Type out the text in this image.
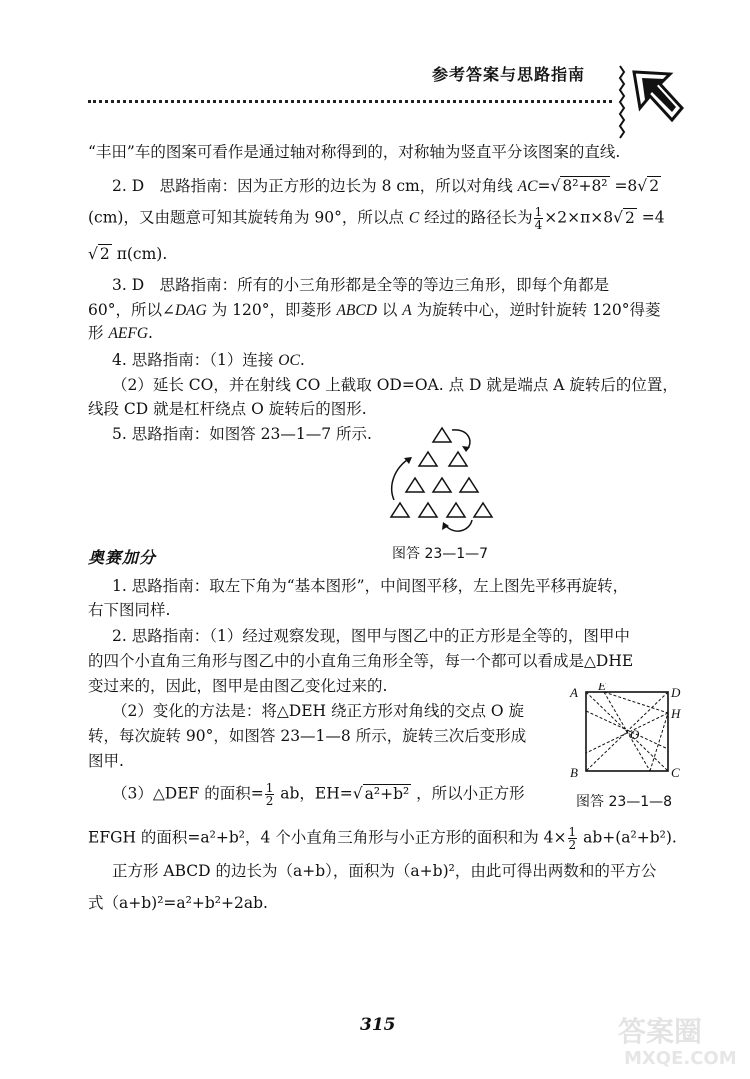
参考答案与思路指南
“丰田”车的图案可看作是通过轴对称得到的，对称轴为竖直平分该图案的直线.
2. D　思路指南：因为正方形的边长为 8 cm，所以对角线 AC=√ 8²+8² =8√ 2
(cm)，又由题意可知其旋转角为 90°，所以点 C 经过的路径长为 $\frac{1}{4} \times 2\times\pi\times 8√$ 2 =4
√ 2 π(cm).
3. D　思路指南：所有的小三角形都是全等的等边三角形，即每个角都是
60°，所以∠DAG 为 120°，即菱形 ABCD 以 A 为旋转中心，逆时针旋转 120°得菱
形 AEFG.
4. 思路指南：（1）连接 OC.
（2）延长 CO，并在射线 CO 上截取 OD=OA. 点 D 就是端点 A 旋转后的位置，
线段 CD 就是杠杆绕点 O 旋转后的图形.
5. 思路指南：如图答 23—1—7 所示.
图答 23—1—7
奥赛加分
1. 思路指南：取左下角为“基本图形”，中间图平移，左上图先平移再旋转，
右下图同样.
2. 思路指南：（1）经过观察发现，图甲与图乙中的正方形是全等的，图甲中
的四个小直角三角形与图乙中的小直角三角形全等，每一个都可以看成是△DHE
变过来的，因此，图甲是由图乙变化过来的.
（2）变化的方法是：将△DEH 绕正方形对角线的交点 O 旋
转，每次旋转 90°，如图答 23—1—8 所示，旋转三次后变形成
图甲.
A E	D
H
O
B	C
图答 23—1—8
（3）△DEF 的面积= $\frac{1}{2}$ ab，EH=√ a²+b² ，所以小正方形
EFGH 的面积=a²+b²，4 个小直角三角形与小正方形的面积和为 $4\times \frac{1}{2} ab+(a^2+b^2)$.
正方形 ABCD 的边长为（a+b），面积为（a+b)²，由此可得出两数和的平方公
式（a+b)²=a²+b²+2ab.
315	答案圈
MXQE.COM
